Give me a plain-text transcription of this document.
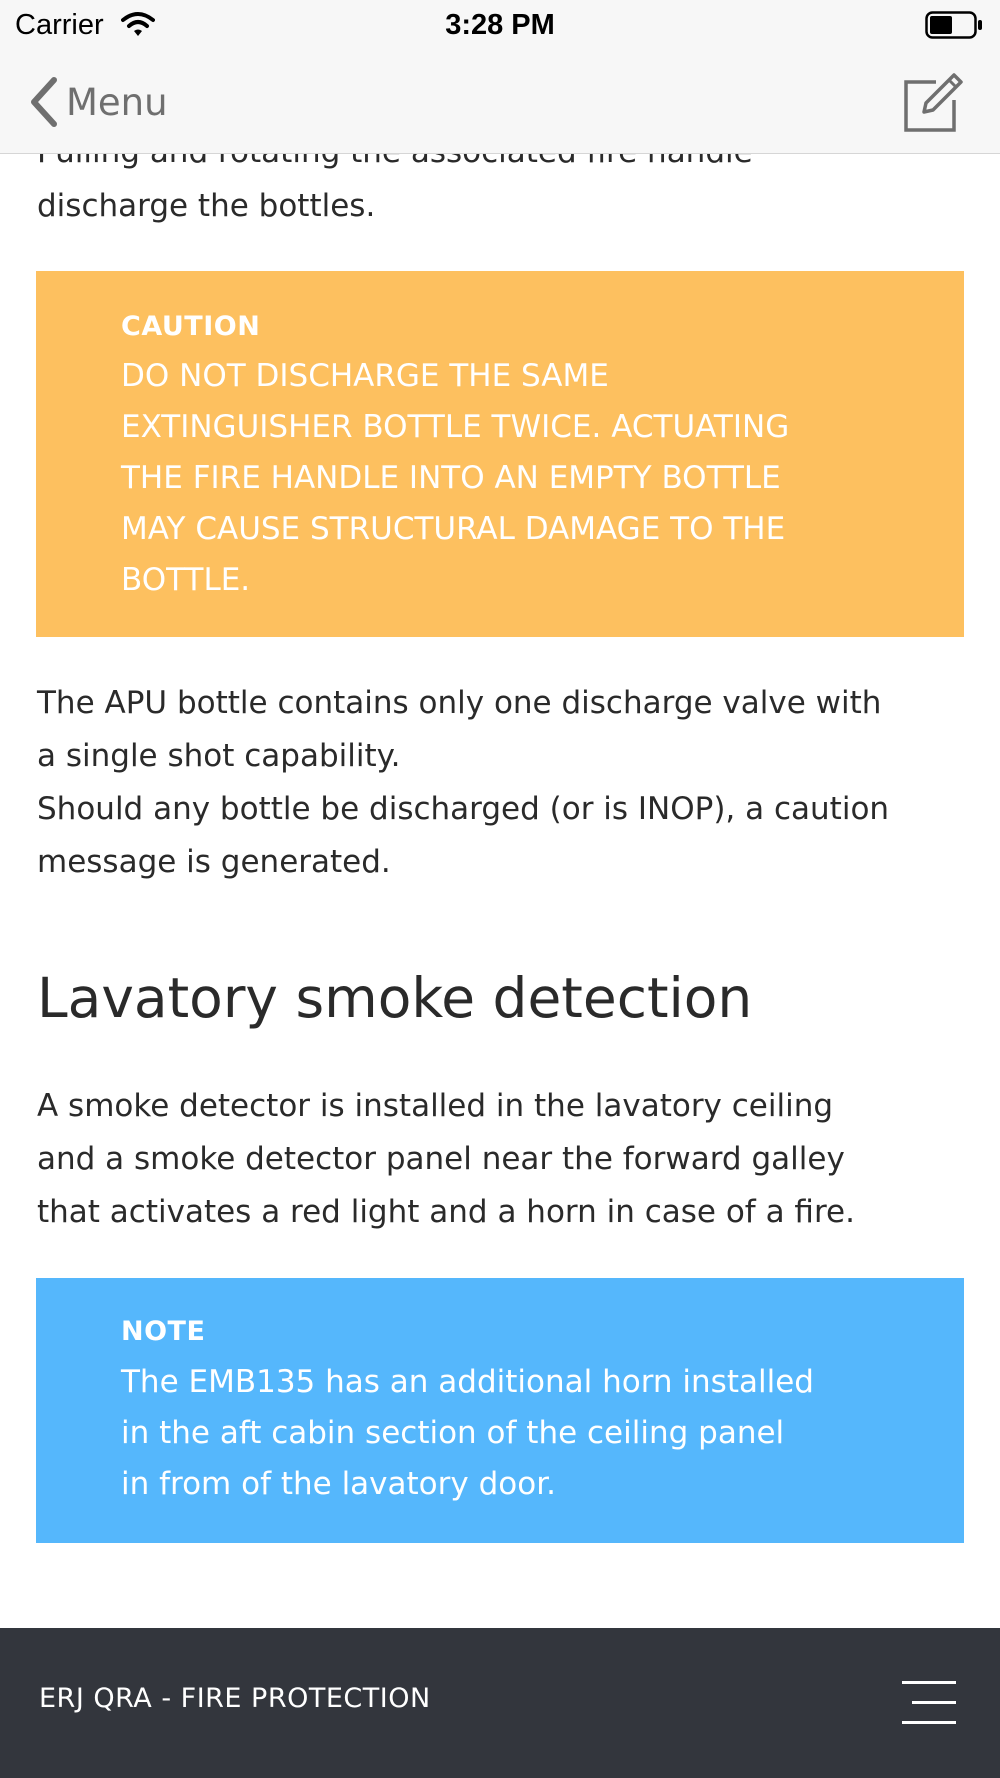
discharge the bottles.
CAUTION
DO NOT DISCHARGE THE SAME
EXTINGUISHER BOTTLE TWICE. ACTUATING
THE FIRE HANDLE INTO AN EMPTY BOTTLE
MAY CAUSE STRUCTURAL DAMAGE TO THE
BOTTLE.
The APU bottle contains only one discharge valve with
a single shot capability.
Should any bottle be discharged (or is INOP), a caution
message is generated.
Lavatory smoke detection
A smoke detector is installed in the lavatory ceiling
and a smoke detector panel near the forward galley
that activates a red light and a horn in case of a fire.
NOTE
The EMB135 has an additional horn installed
in the aft cabin section of the ceiling panel
in from of the lavatory door.
Carrier	3:28 PM
Menu
ERJ QRA - FIRE PROTECTION
